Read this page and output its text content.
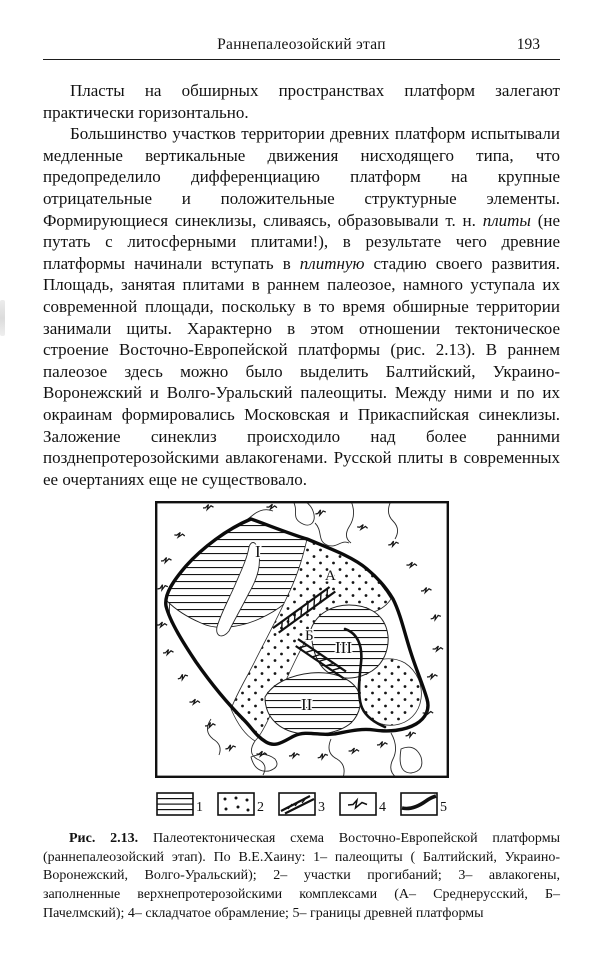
Раннепалеозойский этап	193

Пласты на обширных пространствах платформ залегают практически горизонтально.

Большинство участков территории древних платформ испытывали медленные вертикальные движения нисходящего типа, что предопределило дифференциацию платформ на крупные отрицательные и положительные структурные элементы. Формирующиеся синеклизы, сливаясь, образовывали т. н. плиты (не путать с литосферными плитами!), в результате чего древние платформы начинали вступать в плитную стадию своего развития. Площадь, занятая плитами в раннем палеозое, намного уступала их современной площади, поскольку в то время обширные территории занимали щиты. Характерно в этом отношении тектоническое строение Восточно-Европейской платформы (рис. 2.13). В раннем палеозое здесь можно было выделить Балтийский, Украино-Воронежский и Волго-Уральский палеощиты. Между ними и по их окраинам формировались Московская и Прикаспийская синеклизы. Заложение синеклиз происходило над более ранними позднепротерозойскими авлакогенами. Русской плиты в современных ее очертаниях еще не существовало.

I
А
Б
III
II
1	2	3	4	5

Рис. 2.13. Палеотектоническая схема Восточно-Европейской платформы (раннепалеозойский этап). По В.Е.Хаину: 1– палеощиты ( Балтийский, Украино-Воронежский, Волго-Уральский); 2– участки прогибаний; 3– авлакогены, заполненные верхнепротерозойскими комплексами (А– Среднерусский, Б– Пачелмский); 4– складчатое обрамление; 5– границы древней платформы
